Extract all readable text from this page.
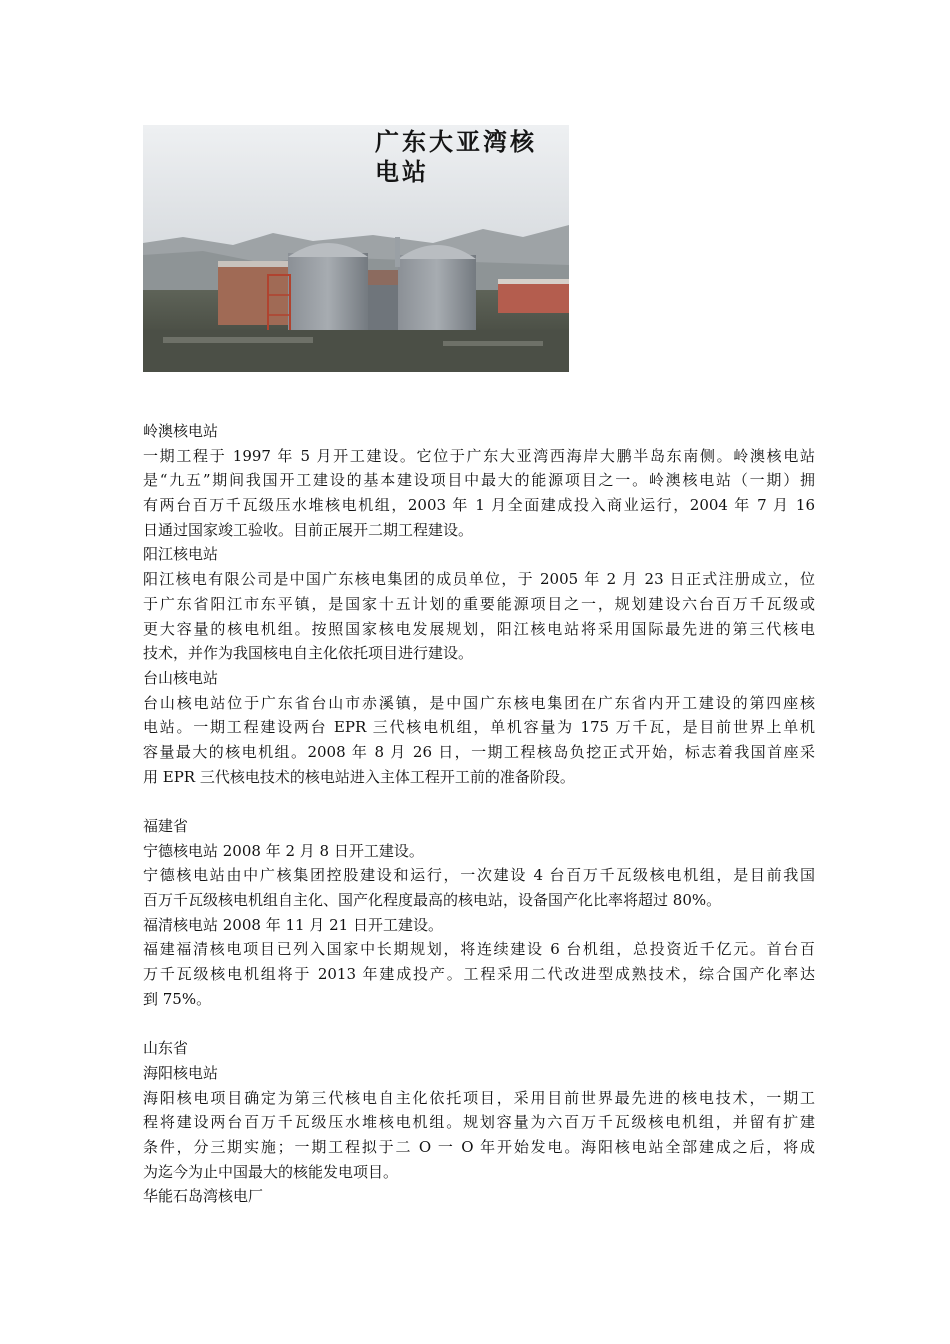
广东大亚湾核
电站
岭澳核电站
一期工程于 1997 年 5 月开工建设。它位于广东大亚湾西海岸大鹏半岛东南侧。岭澳核电站
是“九五”期间我国开工建设的基本建设项目中最大的能源项目之一。岭澳核电站（一期）拥
有两台百万千瓦级压水堆核电机组，2003 年 1 月全面建成投入商业运行，2004 年 7 月 16
日通过国家竣工验收。目前正展开二期工程建设。
阳江核电站
阳江核电有限公司是中国广东核电集团的成员单位，于 2005 年 2 月 23 日正式注册成立，位
于广东省阳江市东平镇，是国家十五计划的重要能源项目之一，规划建设六台百万千瓦级或
更大容量的核电机组。按照国家核电发展规划，阳江核电站将采用国际最先进的第三代核电
技术，并作为我国核电自主化依托项目进行建设。
台山核电站
台山核电站位于广东省台山市赤溪镇，是中国广东核电集团在广东省内开工建设的第四座核
电站。一期工程建设两台 EPR 三代核电机组，单机容量为 175 万千瓦，是目前世界上单机
容量最大的核电机组。2008 年 8 月 26 日，一期工程核岛负挖正式开始，标志着我国首座采
用 EPR 三代核电技术的核电站进入主体工程开工前的准备阶段。
福建省
宁德核电站 2008 年 2 月 8 日开工建设。
宁德核电站由中广核集团控股建设和运行，一次建设 4 台百万千瓦级核电机组，是目前我国
百万千瓦级核电机组自主化、国产化程度最高的核电站，设备国产化比率将超过 80%。
福清核电站 2008 年 11 月 21 日开工建设。
福建福清核电项目已列入国家中长期规划，将连续建设 6 台机组，总投资近千亿元。首台百
万千瓦级核电机组将于 2013 年建成投产。工程采用二代改进型成熟技术，综合国产化率达
到 75%。
山东省
海阳核电站
海阳核电项目确定为第三代核电自主化依托项目，采用目前世界最先进的核电技术，一期工
程将建设两台百万千瓦级压水堆核电机组。规划容量为六百万千瓦级核电机组，并留有扩建
条件，分三期实施；一期工程拟于二 O 一 O 年开始发电。海阳核电站全部建成之后，将成
为迄今为止中国最大的核能发电项目。
华能石岛湾核电厂
